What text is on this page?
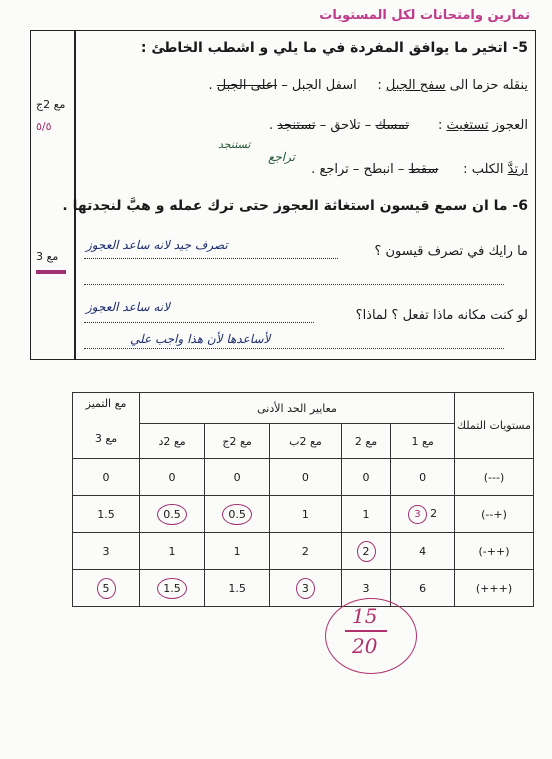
تمارين وامتحانات لكل المستويات
مع 2ج
٥/٥
مع 3
5- اتخير ما يوافق المفردة في ما يلي و اشطب الخاطئ :
ينقله حزما الى سفح الجبل :     اسفل الجبل – اعلى الجبل .
العجوز تستغيث :       تمسك – تلاحق – تستنجد .
تستنجد
ارتدَّ الكلب :      سقط – انبطح – تراجع .
تراجع
6- ما ان سمع قيسون استغاثة العجوز حتى ترك عمله و هبَّ لنجدتها .
ما رايك في تصرف قيسون ؟
تصرف جيد لانه ساعد العجوز
لو كنت مكانه ماذا تفعل ؟ لماذا؟
لانه ساعد العجوز
لأساعدها لأن هذا واجب علي
مستويات التملك	معايير الحد الأدنى					مع التميز
مع 3

	مع 1	مع 2	مع 2ب	مع 2ج	مع 2د	
(---)	0	0	0	0	0	0
(+--)	2 3	1	1	0.5	0.5	1.5
(++-)	4	2	2	1	1	3
(+++)	6	3	3	1.5	1.5	5
15
20
